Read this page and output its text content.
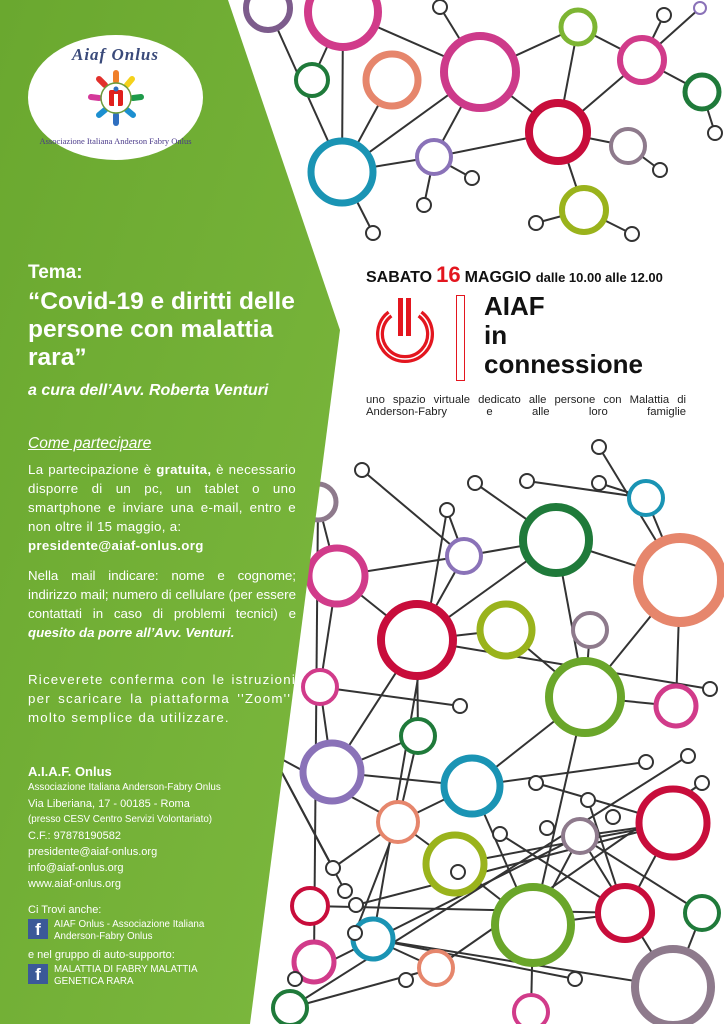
Aiaf Onlus
Associazione Italiana Anderson Fabry Onlus
Tema:
“Covid-19 e diritti delle persone con malattia rara”
a cura dell’Avv. Roberta Venturi
SABATO 16 MAGGIO dalle 10.00 alle 12.00
AIAF
in
connessione
uno spazio virtuale dedicato alle persone con Malattia di Anderson-Fabry e alle loro famiglie
Come partecipare
La partecipazione è gratuita, è necessario disporre di un pc, un tablet o uno smartphone e inviare una e-mail, entro e non oltre il 15 maggio, a:
presidente@aiaf-onlus.org
Nella mail indicare: nome e cognome; indirizzo mail; numero di cellulare (per essere contattati in caso di problemi tecnici) e quesito da porre all’Avv. Venturi.
Riceverete conferma con le istruzioni per scaricare la piattaforma ''Zoom'', molto semplice da utilizzare.
A.I.A.F. Onlus
Associazione Italiana Anderson-Fabry Onlus
Via Liberiana, 17 - 00185 - Roma
(presso CESV Centro Servizi Volontariato)
C.F.: 97878190582
presidente@aiaf-onlus.org
info@aiaf-onlus.org
www.aiaf-onlus.org
Ci Trovi anche:
f	AIAF Onlus - Associazione Italiana Anderson-Fabry Onlus
e nel gruppo di auto-supporto:
f	MALATTIA DI FABRY MALATTIA GENETICA RARA
